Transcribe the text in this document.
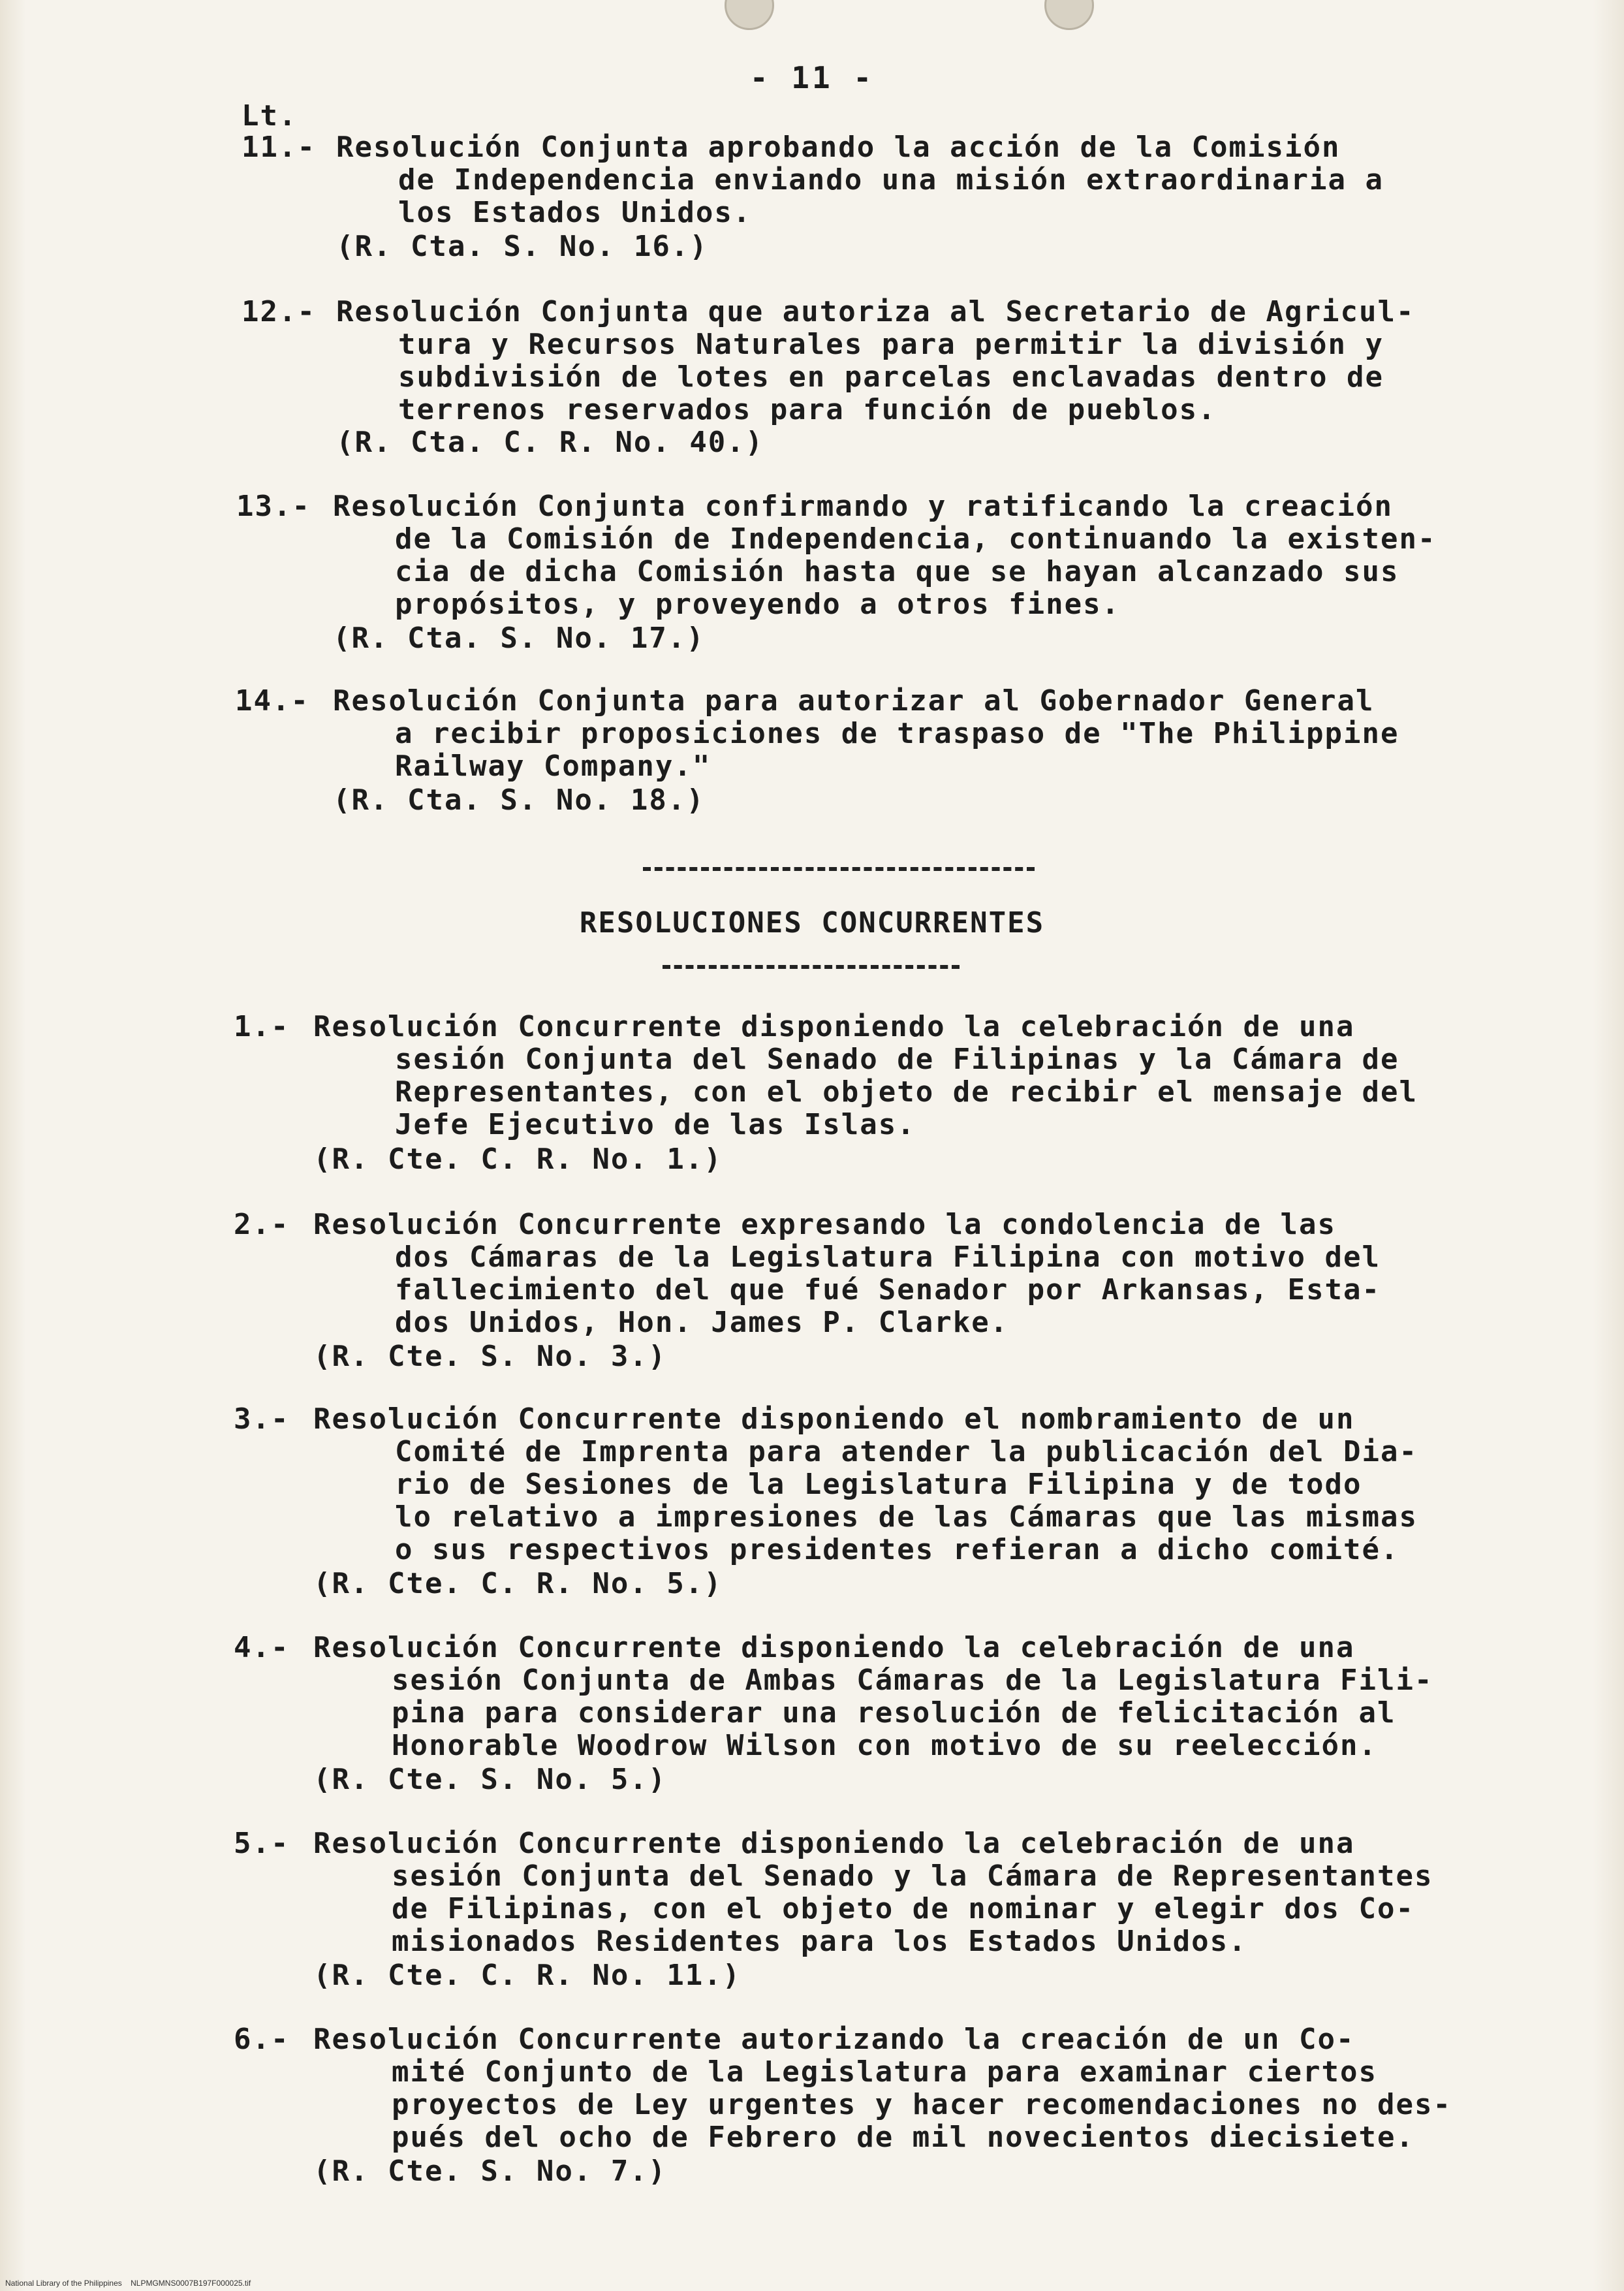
- 11 -
Lt.
11.- Resolución Conjunta aprobando la acción de la Comisión
de Independencia enviando una misión extraordinaria a
los Estados Unidos.
(R. Cta. S. No. 16.)
12.- Resolución Conjunta que autoriza al Secretario de Agricul-
tura y Recursos Naturales para permitir la división y
subdivisión de lotes en parcelas enclavadas dentro de
terrenos reservados para función de pueblos.
(R. Cta. C. R. No. 40.)
13.- Resolución Conjunta confirmando y ratificando la creación
de la Comisión de Independencia, continuando la existen-
cia de dicha Comisión hasta que se hayan alcanzado sus
propósitos, y proveyendo a otros fines.
(R. Cta. S. No. 17.)
14.- Resolución Conjunta para autorizar al Gobernador General
a recibir proposiciones de traspaso de "The Philippine
Railway Company."
(R. Cta. S. No. 18.)
RESOLUCIONES CONCURRENTES
1.- Resolución Concurrente disponiendo la celebración de una
sesión Conjunta del Senado de Filipinas y la Cámara de
Representantes, con el objeto de recibir el mensaje del
Jefe Ejecutivo de las Islas.
(R. Cte. C. R. No. 1.)
2.- Resolución Concurrente expresando la condolencia de las
dos Cámaras de la Legislatura Filipina con motivo del
fallecimiento del que fué Senador por Arkansas, Esta-
dos Unidos, Hon. James P. Clarke.
(R. Cte. S. No. 3.)
3.- Resolución Concurrente disponiendo el nombramiento de un
Comité de Imprenta para atender la publicación del Dia-
rio de Sesiones de la Legislatura Filipina y de todo
lo relativo a impresiones de las Cámaras que las mismas
o sus respectivos presidentes refieran a dicho comité.
(R. Cte. C. R. No. 5.)
4.- Resolución Concurrente disponiendo la celebración de una
sesión Conjunta de Ambas Cámaras de la Legislatura Fili-
pina para considerar una resolución de felicitación al
Honorable Woodrow Wilson con motivo de su reelección.
(R. Cte. S. No. 5.)
5.- Resolución Concurrente disponiendo la celebración de una
sesión Conjunta del Senado y la Cámara de Representantes
de Filipinas, con el objeto de nominar y elegir dos Co-
misionados Residentes para los Estados Unidos.
(R. Cte. C. R. No. 11.)
6.- Resolución Concurrente autorizando la creación de un Co-
mité Conjunto de la Legislatura para examinar ciertos
proyectos de Ley urgentes y hacer recomendaciones no des-
pués del ocho de Febrero de mil novecientos diecisiete.
(R. Cte. S. No. 7.)
National Library of the Philippines    NLPMGMNS0007B197F000025.tif
